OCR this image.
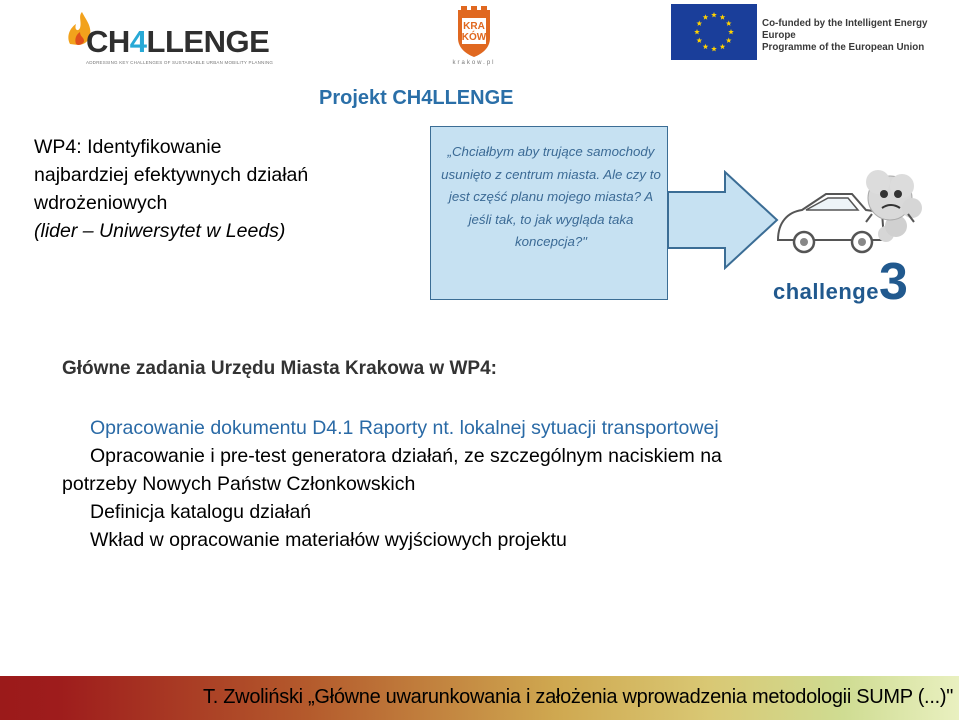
CH4LLENGE
ADDRESSING KEY CHALLENGES OF SUSTAINABLE URBAN MOBILITY PLANNING
KRA
KÓW
krakow.pl
Co-funded by the Intelligent Energy Europe
Programme of the European Union
Projekt CH4LLENGE
WP4: Identyfikowanie
najbardziej efektywnych działań
wdrożeniowych
(lider – Uniwersytet w Leeds)

„Chciałbym aby trujące samochody usunięto z centrum miasta. Ale czy to jest część planu mojego miasta? A jeśli tak, to jak wygląda taka koncepcja?"

challenge3
Główne zadania Urzędu Miasta Krakowa w WP4:
Opracowanie dokumentu D4.1 Raporty nt. lokalnej sytuacji transportowej
Opracowanie i pre-test generatora działań, ze szczególnym naciskiem na
potrzeby Nowych Państw Członkowskich
Definicja katalogu działań
Wkład w opracowanie materiałów wyjściowych projektu
T. Zwoliński „Główne uwarunkowania i założenia wprowadzenia metodologii SUMP (...)"
